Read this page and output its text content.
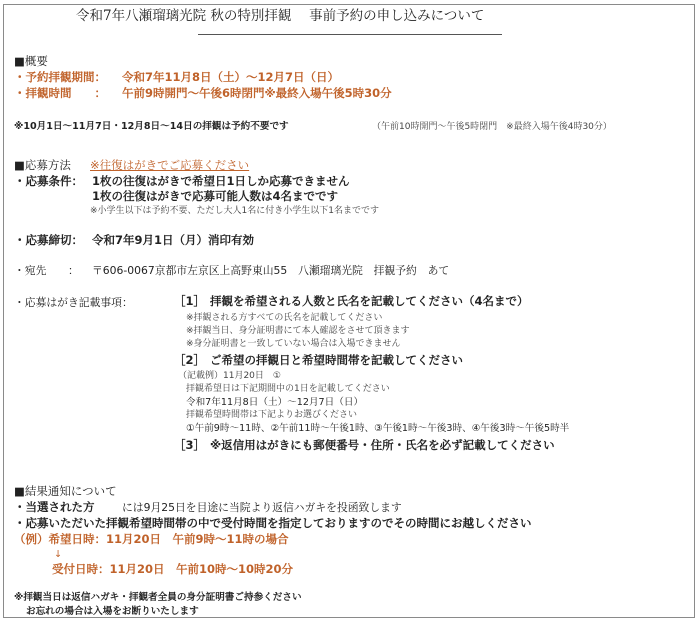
令和7年八瀬瑠璃光院 秋の特別拝観　 事前予約の申し込みについて
■概要
・予約拝観期間： 令和7年11月8日（土）～12月7日（日）
・拝観時間　　： 午前9時開門～午後6時閉門※最終入場午後5時30分
※10月1日～11月7日・12月8日～14日の拝観は予約不要です	（午前10時開門～午後5時閉門　※最終入場午後4時30分）
■応募方法 ※往復はがきでご応募ください
・応募条件： 1枚の往復はがきで希望日1日しか応募できません
1枚の往復はがきで応募可能人数は4名までです
※小学生以下は予約不要、ただし大人1名に付き小学生以下1名までです
・応募締切： 令和7年9月1日（月）消印有効
・宛先　　： 〒606-0067京都市左京区上高野東山55　八瀬瑠璃光院　拝観予約　あて
・応募はがき記載事項：	［1］ 拝観を希望される人数と氏名を記載してください（4名まで）
※拝観される方すべての氏名を記載してください
※拝観当日、身分証明書にて本人確認をさせて頂きます
※身分証明書と一致していない場合は入場できません
［2］ ご希望の拝観日と希望時間帯を記載してください
（記載例）11月20日　①
拝観希望日は下記期間中の1日を記載してください
令和7年11月8日（土）～12月7日（日）
拝観希望時間帯は下記よりお選びください
①午前9時～11時、②午前11時～午後1時、③午後1時～午後3時、④午後3時～午後5時半
［3］ ※返信用はがきにも郵便番号・住所・氏名を必ず記載してください
■結果通知について
・当選された方	には9月25日を目途に当院より返信ハガキを投函致します
・応募いただいた拝観希望時間帯の中で受付時間を指定しておりますのでその時間にお越しください
（例）希望日時：11月20日　午前9時～11時の場合
↓
受付日時：11月20日　午前10時～10時20分
※拝観当日は返信ハガキ・拝観者全員の身分証明書ご持参ください
お忘れの場合は入場をお断りいたします
